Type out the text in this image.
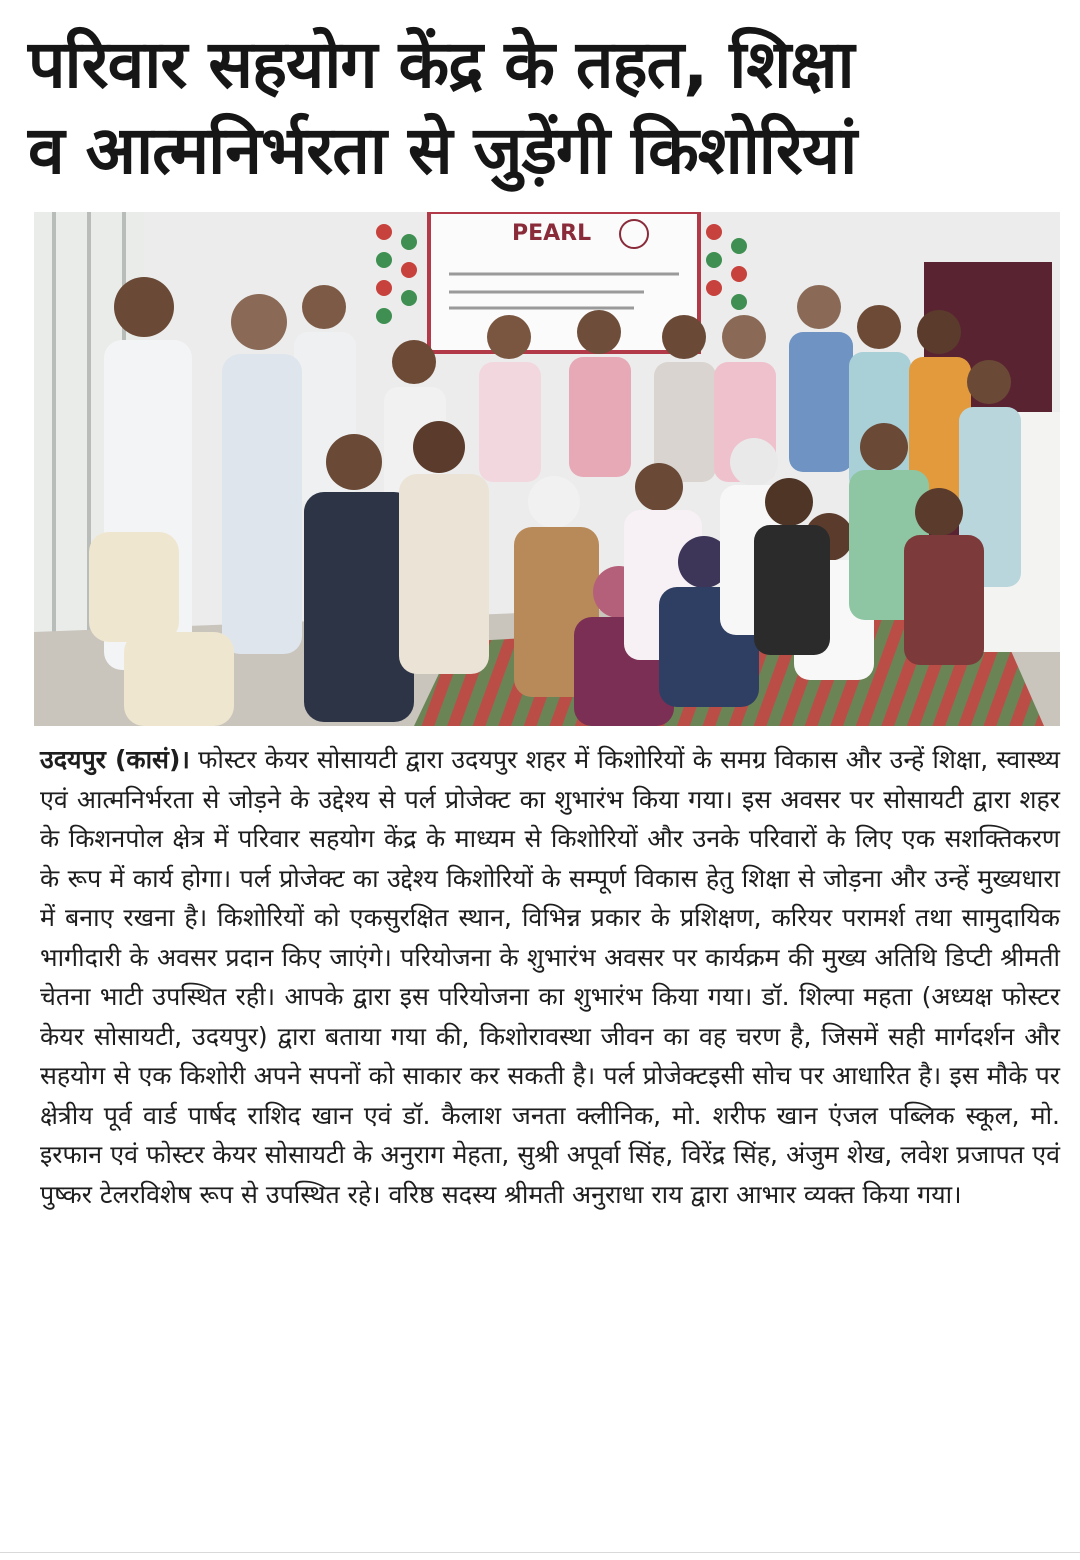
परिवार सहयोग केंद्र के तहत, शिक्षा
व आत्मनिर्भरता से जुड़ेंगी किशोरियां
PEARL

उदयपुर (कासं)। फोस्टर केयर सोसायटी द्वारा उदयपुर शहर में किशोरियों के समग्र विकास और उन्हें शिक्षा, स्वास्थ्य एवं आत्मनिर्भरता से जोड़ने के उद्देश्य से पर्ल प्रोजेक्ट का शुभारंभ किया गया। इस अवसर पर सोसायटी द्वारा शहर के किशनपोल क्षेत्र में परिवार सहयोग केंद्र के माध्यम से किशोरियों और उनके परिवारों के लिए एक सशक्तिकरण के रूप में कार्य होगा। पर्ल प्रोजेक्ट का उद्देश्य किशोरियों के सम्पूर्ण विकास हेतु शिक्षा से जोड़ना और उन्हें मुख्यधारा में बनाए रखना है। किशोरियों को एकसुरक्षित स्थान, विभिन्न प्रकार के प्रशिक्षण, करियर परामर्श तथा सामुदायिक भागीदारी के अवसर प्रदान किए जाएंगे। परियोजना के शुभारंभ अवसर पर कार्यक्रम की मुख्य अतिथि डिप्टी श्रीमती चेतना भाटी उपस्थित रही। आपके द्वारा इस परियोजना का शुभारंभ किया गया। डॉ. शिल्पा महता (अध्यक्ष फोस्टर केयर सोसायटी, उदयपुर) द्वारा बताया गया की, किशोरावस्था जीवन का वह चरण है, जिसमें सही मार्गदर्शन और सहयोग से एक किशोरी अपने सपनों को साकार कर सकती है। पर्ल प्रोजेक्टइसी सोच पर आधारित है। इस मौके पर क्षेत्रीय पूर्व वार्ड पार्षद राशिद खान एवं डॉ. कैलाश जनता क्लीनिक, मो. शरीफ खान एंजल पब्लिक स्कूल, मो. इरफान एवं फोस्टर केयर सोसायटी के अनुराग मेहता, सुश्री अपूर्वा सिंह, विरेंद्र सिंह, अंजुम शेख, लवेश प्रजापत एवं पुष्कर टेलरविशेष रूप से उपस्थित रहे। वरिष्ठ सदस्य श्रीमती अनुराधा राय द्वारा आभार व्यक्त किया गया।
